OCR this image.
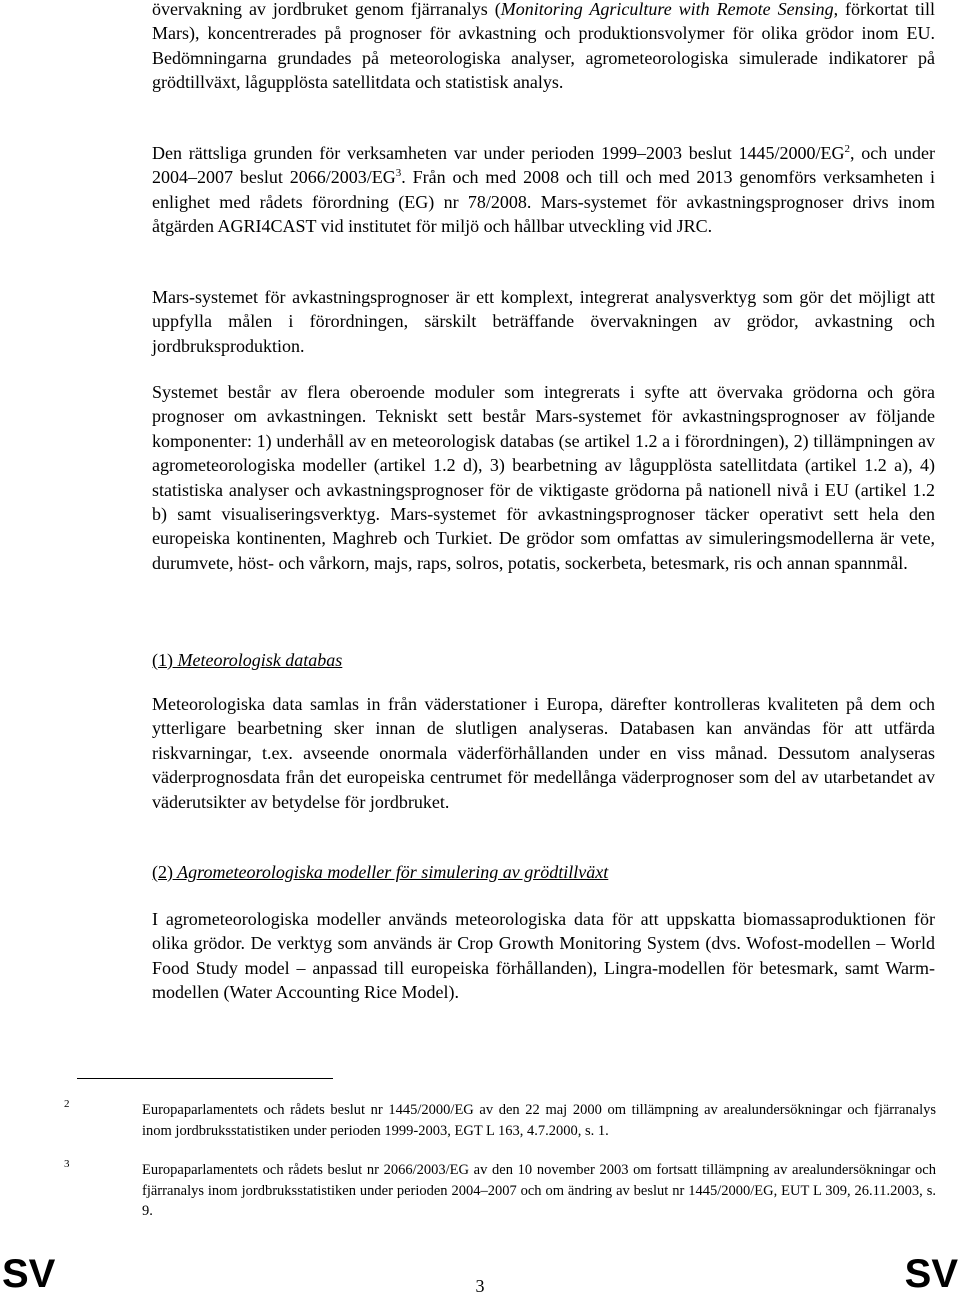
övervakning av jordbruket genom fjärranalys (Monitoring Agriculture with Remote Sensing, förkortat till Mars), koncentrerades på prognoser för avkastning och produktionsvolymer för olika grödor inom EU. Bedömningarna grundades på meteorologiska analyser, agrometeorologiska simulerade indikatorer på grödtillväxt, låguppl​östa satellitdata och statistisk analys.

Den rättsliga grunden för verksamheten var under perioden 1999–2003 beslut $1445/2000/EG^2$, och under 2004–2007 beslut $2066/2003/EG^3$. Från och med 2008 och till och med 2013 genomförs verksamheten i enlighet med rådets förordning (EG) nr 78/2008. Mars-systemet för avkastningsprognoser drivs inom åtgärden AGRI4CAST vid institutet för miljö och hållbar utveckling vid JRC.

Mars-systemet för avkastningsprognoser är ett komplext, integrerat analysverktyg som gör det möjligt att uppfylla målen i förordningen, särskilt beträffande övervakningen av grödor, avkastning och jordbruksproduktion.

Systemet består av flera oberoende moduler som integrerats i syfte att övervaka grödorna och göra prognoser om avkastningen. Tekniskt sett består Mars-systemet för avkastningsprognoser av följande komponenter: 1) underhåll av en meteorologisk databas (se artikel 1.2 a i förordningen), 2) tillämpningen av agrometeorologiska modeller (artikel 1.2 d), 3) bearbetning av lågupplösta satellitdata (artikel 1.2 a), 4) statistiska analyser och avkastningsprognoser för de viktigaste grödorna på nationell nivå i EU (artikel 1.2 b) samt visualiseringsverktyg. Mars-systemet för avkastningsprognoser täcker operativt sett hela den europeiska kontinenten, Maghreb och Turkiet. De grödor som omfattas av simuleringsmodellerna är vete, durumvete, höst- och vårkorn, majs, raps, solros, potatis, sockerbeta, betesmark, ris och annan spannmål.

(1) Meteorologisk databas

Meteorologiska data samlas in från väderstationer i Europa, därefter kontrolleras kvaliteten på dem och ytterligare bearbetning sker innan de slutligen analyseras. Databasen kan användas för att utfärda riskvarningar, t.ex. avseende onormala väderförhållanden under en viss månad. Dessutom analyseras väderprognosdata från det europeiska centrumet för medellånga väderprognoser som del av utarbetandet av väderutsikter av betydelse för jordbruket.

(2) Agrometeorologiska modeller för simulering av grödtillväxt

I agrometeorologiska modeller används meteorologiska data för att uppskatta biomassaproduktionen för olika grödor. De verktyg som används är Crop Growth Monitoring System (dvs. Wofost-modellen – World Food Study model – anpassad till europeiska förhållanden), Lingra-modellen för betesmark, samt Warm-modellen (Water Accounting Rice Model).

2	Europaparlamentets och rådets beslut nr 1445/2000/EG av den 22 maj 2000 om tillämpning av arealundersökningar och fjärranalys inom jordbruksstatistiken under perioden 1999-2003, EGT L 163, 4.7.2000, s. 1.
3	Europaparlamentets och rådets beslut nr 2066/2003/EG av den 10 november 2003 om fortsatt tillämpning av arealundersökningar och fjärranalys inom jordbruksstatistiken under perioden 2004–2007 och om ändring av beslut nr 1445/2000/EG, EUT L 309, 26.11.2003, s. 9.
SV	3	SV
